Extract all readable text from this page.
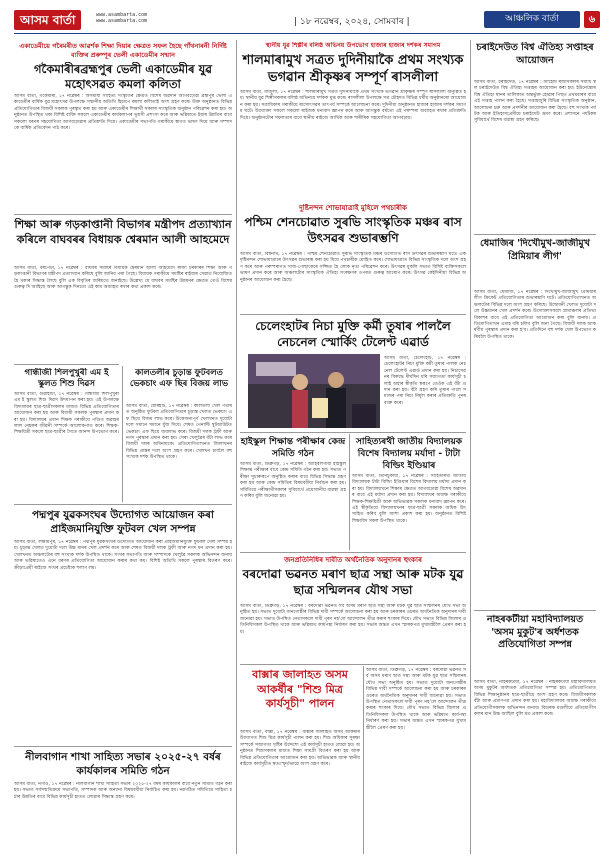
আসম বার্তা	www.asambarta.com
www.asambarta.com	| ১৮ নৱেম্বৰ, ২০২৪, সোমবাৰ |	আঞ্চলিক বাৰ্তা	৬
একাডেমীয়ে গৰৈমৰীত আৱৰ্শক শিক্ষা দিয়াৰ ক্ষেত্ৰত সফল হৈছে গাঁথনাৰনী নিৰ্দিষ্ট ব্যক্তিৰ প্ৰৰুষ্পূৰ ভেলী একাডেমীৰ সন্মান
গকৈমাৰীৰব্ৰহ্মপুৰ ভেলী একাডেমীৰ যুৱ মহোৎসৱত কমলা কলিতা
আসম বাৰ্তা, গকৈমাৰী, ১৭ নৱেম্বৰ : অসমীয়া সাহিত্য সংস্কৃতিৰ ক্ষেত্ৰত বিশেষ অৱদান আগবঢ়োৱা ব্ৰহ্মপুৰ ভেলী একাডেমীৰ বাৰ্ষিক যুৱ মহোৎসৱ উপলক্ষে সন্মানীয় অতিথি হিচাপে কমলা কলিতাই অংশ গ্ৰহণ কৰে। উক্ত অনুষ্ঠানত বিভিন্ন প্ৰতিযোগিতাৰ বিজয়ী সকলক পুৰস্কৃত কৰা হয় আৰু একাডেমীৰ শিক্ষাৰ্থী সকলৰ সাংস্কৃতিক অনুষ্ঠান পৰিৱেশন কৰা হয়। অনুষ্ঠানত উপস্থিত থকা বিশিষ্ট ব্যক্তি সকলে একাডেমীৰ কাৰ্যকলাপৰ ভূয়সী প্ৰশংসা কৰে আৰু ভৱিষ্যতে ইয়াৰ উন্নতিৰ বাবে সকলো ধৰণৰ সহযোগিতা আগবঢ়োৱাৰ প্ৰতিশ্ৰুতি দিয়ে। একাডেমীৰ সভাপতি গৰাকীয়ে স্বাগত ভাষণ দিয়ে আৰু সম্পাদকে বাৰ্ষিক প্ৰতিবেদন পাঠ কৰে।
শিক্ষা আৰু গড়কাপ্তানী বিভাগৰ মন্ত্ৰীপদ প্ৰত্যাখ্যান কৰিলে বাঘবৰৰ বিধায়ক শ্বেৰমান আলী আহমেদে
আসম বাৰ্তা, বৰপেটা, ১৭ নৱেম্বৰ : বাঘবৰ সমষ্টিৰ বিধায়ক শ্বেৰমান আলী আহমেদে ৰাজ্য চৰকাৰৰ শিক্ষা আৰু গড়কাপ্তানী বিভাগৰ মন্ত্ৰীপদ প্ৰত্যাখ্যান কৰিছে বুলি জানিব পৰা গৈছে। বিধায়ক গৰাকীয়ে সমষ্টিৰ ৰাইজৰ সেৱাত নিয়োজিত হৈ থকাৰ সিদ্ধান্ত লৈছে বুলি এক বিবৃতিৰ জৰিয়তে জনাইছে। উল্লেখ্য যে বাঘবৰ সমষ্টিৰ উন্নয়নৰ ক্ষেত্ৰত তেওঁ বিশেষ গুৰুত্ব দি আহিছে আৰু আগন্তুক দিনতো এই কাম অব্যাহত ৰখাৰ কথা প্ৰকাশ কৰে।
গান্ধীজী শিলপুখুৰী এম ই স্কুলত শিশু দিৱস
আসম বাৰ্তা, গুৱাহাটী, ১৭ নৱেম্বৰ : গান্ধীজী শিলপুখুৰী এম ই স্কুলত শিশু দিৱস উদযাপন কৰা হয়। এই উপলক্ষে বিদ্যালয়ৰ ছাত্ৰ-ছাত্ৰীসকলৰ মাজত বিভিন্ন প্ৰতিযোগিতাৰ আয়োজন কৰা হয় আৰু বিজয়ী সকলক পুৰস্কাৰ প্ৰদান কৰা হয়। বিদ্যালয়ৰ প্ৰধান শিক্ষক গৰাকীয়ে পণ্ডিত জৱাহৰলাল নেহৰুৰ জীৱনী সম্পৰ্কে আলোকপাত কৰে। শিক্ষক-শিক্ষয়িত্ৰী সকলে ছাত্ৰ-ছাত্ৰীৰ সৈতে আনন্দ উপভোগ কৰে।
কালতলীৰ চুড়ান্ত ফুটবলত ভেকচাং এফ ছিৰ বিজয় লাভ
আসম বাৰ্তা, যোৰহাট, ১৭ নৱেম্বৰ : কালতলী খেল পথাৰত অনুষ্ঠিত ফুটবল প্ৰতিযোগিতাৰ চূড়ান্ত খেলত ভেকচাং এফ ছিয়ে বিজয় লাভ কৰে। উত্তেজনাপূৰ্ণ খেলখনত দুয়োটা দলে সমানে সমানে যুঁজ দিয়ে। শেষত পেনাল্টি শ্বুটআউটত ভেকচাং এফ ছিয়ে জয়লাভ কৰে। বিজয়ী দলক ট্ৰফী আৰু নগদ পুৰস্কাৰ প্ৰদান কৰা হয়। সেৰা খেলুৱৈৰ বঁটা লাভ কৰে বিজয়ী দলৰ অধিনায়কে। প্ৰতিযোগিতাখনত জিলাখনৰ বিভিন্ন প্ৰান্তৰ দলে অংশ গ্ৰহণ কৰে। খেলখন চাবলৈ বহু সংখ্যক দৰ্শক উপস্থিত থাকে।
পদ্মপুৰ যুৱকসংঘৰ উদ্যোগত আয়োজন কৰা প্ৰাইজমানিযুক্তি ফুটবল খেল সম্পন্ন
আসম বাৰ্তা, লক্ষীমপুৰ, ১৭ নৱেম্বৰ : পদ্মপুৰ যুৱকসংঘৰ উদ্যোগত আয়োজন কৰা প্ৰাইজমানিযুক্তি ফুটবল খেল সম্পন্ন হয়। চূড়ান্ত খেলত দুয়োটা দলে উচ্চ মানৰ খেল প্ৰদৰ্শন কৰে আৰু শেষত বিজয়ী দলক ট্ৰফী আৰু নগদ ধন প্ৰদান কৰা হয়। খেলখনত অঞ্চলটোৰ বহু সংখ্যক দৰ্শক উপস্থিত থাকে। সংঘৰ সভাপতি আৰু সম্পাদকে খেলুৱৈ সকলক অভিনন্দন জনায় আৰু ভৱিষ্যতেও এনে ধৰণৰ প্ৰতিযোগিতা আয়োজন কৰাৰ কথা কয়। বিশিষ্ট অতিথি সকলে পুৰস্কাৰ বিতৰণ কৰে। ক্ৰীড়াপ্ৰেমী ৰাইজে সংঘৰ প্ৰচেষ্টাক শলাগ লয়।
নীলবাগান শাখা সাহিত্য সভাৰ ২০২৫-২৭ বৰ্ষৰ কাৰ্যকালৰ সমিতি গঠন
আসম বাৰ্তা, নগাঁও, ১৭ নৱেম্বৰ : নীলবাগান শাখা সাহিত্য সভাৰ ২০২৫-২৭ বৰ্ষৰ কাৰ্যকালৰ বাবে নতুন সমিতি গঠন কৰা হয়। সভাত সৰ্বসন্মতিক্ৰমে সভাপতি, সম্পাদক আৰু অন্যান্য বিষয়ববীয়া নিৰ্বাচিত কৰা হয়। নৱগঠিত সমিতিয়ে সাহিত্য চৰ্চাৰ উন্নতিৰ বাবে বিভিন্ন কাৰ্যসূচী হাতত লোৱাৰ সিদ্ধান্ত গ্ৰহণ কৰে।
স্থানীয় যুৱ শিল্পীৰ বলিষ্ঠ অভিনয় উপভোগ হাজাৰ হাজাৰ দৰ্শকৰ সমাগম
শালমাৰামুখ সত্ৰত দুদিনীয়াকৈ প্ৰথম সংখ্যক ভগৱান শ্ৰীকৃষ্ণৰ সম্পূৰ্ণ ৰাসলীলা
আসম বাৰ্তা, মাজুলী, ১৭ নৱেম্বৰ : শালমাৰামুখ সত্ৰত দুদিনীয়াকৈ প্ৰথম সংখ্যক ভগৱান শ্ৰীকৃষ্ণৰ সম্পূৰ্ণ ৰাসলীলা অনুষ্ঠিত হয়। স্থানীয় যুৱ শিল্পীসকলৰ বলিষ্ঠ অভিনয়ে দৰ্শকক মুগ্ধ কৰে। ৰাসলীলা উপলক্ষে সত্ৰ চৌহদত বিভিন্ন ধৰ্মীয় অনুষ্ঠানৰো আয়োজন কৰা হয়। সত্ৰাধিকাৰ গৰাকীয়ে ৰাসোৎসৱৰ তাৎপৰ্য সম্পৰ্কে আলোচনা কৰে। দুদিনীয়া অনুষ্ঠানত হাজাৰ হাজাৰ দৰ্শকৰ সমাগম ঘটে। উদ্যোক্তা সকলে সকলো ৰাইজক ধন্যবাদ জ্ঞাপন কৰে আৰু আগন্তুক বৰ্ষতো এই পৰম্পৰা অব্যাহত ৰখাৰ প্ৰতিশ্ৰুতি দিয়ে। অনুষ্ঠানটোৰ সফলতাৰ বাবে স্থানীয় ৰাইজে আৰ্থিক আৰু শাৰীৰিক সহযোগিতা আগবঢ়ায়।
দুষ্টিনন্দন শোভাযাত্ৰাই মুহিলে পথচাৰীক
পশ্চিম শেনচোৱাত সুৰভি সাংস্কৃতিক মঞ্চৰ ৰাস উৎসৱৰ শুভাৰম্ভণি
আসম বাৰ্তা, বিশ্বনাথ, ১৭ নৱেম্বৰ : পশ্চিম শেনচোৱাত সুৰভি সাংস্কৃতিক মঞ্চৰ উদ্যোগত ৰাস উৎসৱৰ শুভাৰম্ভণি ঘটে। এক দৃষ্টিনন্দন শোভাযাত্ৰাৰে উৎসৱৰ শুভাৰম্ভ কৰা হয় যিয়ে পথচাৰীক মোহিত কৰে। শোভাযাত্ৰাত বিভিন্ন সাংস্কৃতিক দলে অংশ গ্ৰহণ কৰে আৰু পৰম্পৰাগত সাজ-পোছাকেৰে সজ্জিত হৈ লোক নৃত্য পৰিৱেশন কৰে। উৎসৱৰ মুকলি সভাত বিশিষ্ট ব্যক্তিসকলে ভাষণ প্ৰদান কৰে আৰু অঞ্চলটোৰ সাংস্কৃতিক ঐতিহ্য সংৰক্ষণৰ ওপৰত গুৰুত্ব আৰোপ কৰে। উৎসৱ কেইদিনীয়া বিভিন্ন অনুষ্ঠানৰ আয়োজন কৰা হৈছে।
চেলেংহাটৰ নিচা মুক্তি কৰ্মী তুষাৰ পাললৈ নেচনেল স্মোৰ্কিং টেলেণ্ট এৱাৰ্ড
আসম বাৰ্তা, চেলেংহাট, ১৭ নৱেম্বৰ : চেলেংহাটৰ নিচা মুক্তি কৰ্মী তুষাৰ পালক নেচনেল টেলেণ্ট এৱাৰ্ড প্ৰদান কৰা হয়। নিচাসেৱনৰ বিৰুদ্ধে দীৰ্ঘদিন ধৰি সজাগতা কাৰ্যসূচী চলাই অহাৰ স্বীকৃতি স্বৰূপে তেওঁক এই বঁটা প্ৰদান কৰা হয়। বঁটা গ্ৰহণ কৰি তুষাৰ পালে সমাজৰ পৰা নিচা নিৰ্মূল কৰাৰ প্ৰতিশ্ৰুতি পুনৰ ব্যক্ত কৰে।
হাইস্কুল শিক্ষান্ত পৰীক্ষাৰ কেন্দ্ৰ সমিতি গঠন
আসম বাৰ্তা, ডিব্ৰুগড়, ১৭ নৱেম্বৰ : আহিবলগীয়া হাইস্কুল শিক্ষান্ত পৰীক্ষাৰ বাবে কেন্দ্ৰ সমিতি গঠন কৰা হয়। সভাত পৰীক্ষা সুচাৰুৰূপে অনুষ্ঠিত কৰাৰ বাবে বিভিন্ন সিদ্ধান্ত গ্ৰহণ কৰা হয় আৰু কেন্দ্ৰ সমিতিৰ বিষয়ববীয়া নিৰ্বাচন কৰা হয়। সমিতিয়ে পৰীক্ষাৰ্থীসকলৰ সুবিধাৰ্থে প্ৰয়োজনীয় ব্যৱস্থা গ্ৰহণ কৰিব বুলি জনোৱা হয়।
সাহিত্যৰথী জাতীয় বিদ্যালয়ক বিশেষ বিদ্যালয় মৰ্যাদা - টাটা বিল্ডিং ইণ্ডিয়াৰ
আসম বাৰ্তা, তিনিচুকীয়া, ১৭ নৱেম্বৰ : সাহিত্যৰথী জাতীয় বিদ্যালয়ক টাটা বিল্ডিং ইণ্ডিয়াৰ বিশেষ বিদ্যালয় মৰ্যাদা প্ৰদান কৰা হয়। বিদ্যালয়খনে শিক্ষাৰ ক্ষেত্ৰত আগবঢ়োৱা বিশেষ অৱদানৰ বাবে এই মৰ্যাদা প্ৰদান কৰা হয়। বিদ্যালয়ৰ অধ্যক্ষ গৰাকীয়ে শিক্ষক-শিক্ষয়িত্ৰী আৰু অভিভাৱক সকলক ধন্যবাদ জ্ঞাপন কৰে। এই স্বীকৃতিয়ে বিদ্যালয়খনৰ ছাত্ৰ-ছাত্ৰী সকলক অধিক উৎসাহিত কৰিব বুলি আশা প্ৰকাশ কৰা হয়। অনুষ্ঠানত বিশিষ্ট শিক্ষাবিদ সকল উপস্থিত থাকে।
জনপ্ৰতিনিধিৰ দাবীত অৰ্থনৈতিক অনুদানৰ হুংকাৰ
বৰদোৱা ভৱনত মৰাণ ছাত্ৰ সন্থা আৰু মটক যুৱ ছাত্ৰ সন্মিলনৰ যৌথ সভা
আসম বাৰ্তা, ডিব্ৰুগড়, ১৭ নৱেম্বৰ : বৰদোৱা ভৱনত সৰ্ব অসম মৰাণ ছাত্ৰ সন্থা আৰু মটক যুৱ ছাত্ৰ সন্মিলনৰ যৌথ সভা অনুষ্ঠিত হয়। সভাত দুয়োটা জনগোষ্ঠীৰ বিভিন্ন দাবী সম্পৰ্কে আলোচনা কৰা হয় আৰু চৰকাৰৰ ওচৰত অৰ্থনৈতিক অনুদানৰ দাবী জনোৱা হয়। সভাত উপস্থিত নেতাসকলে দাবী পূৰণ নহ'লে আন্দোলন তীব্ৰ কৰাৰ হুংকাৰ দিয়ে। যৌথ সভাত বিভিন্ন জিলাৰ প্ৰতিনিধিসকল উপস্থিত থাকে আৰু ভৱিষ্যত কাৰ্যপন্থা নিৰ্ধাৰণ কৰা হয়। সভাৰ অন্তত এখন স্মাৰকপত্ৰ মুখ্যমন্ত্ৰীলৈ প্ৰেৰণ কৰা হয়।
বাক্সাৰ জালাহত অসম আকৰ্ষীৰ "শিশু মিত্ৰ কাৰ্যসূচী" পালন
আসম বাৰ্তা, বাক্সা, ১৭ নৱেম্বৰ : বাক্সাৰ জালাহত অসম আকৰ্ষীৰ উদ্যোগত শিশু মিত্ৰ কাৰ্যসূচী পালন কৰা হয়। শিশু অধিকাৰ সুৰক্ষা সম্পৰ্কে সজাগতা সৃষ্টিৰ উদ্দেশ্যে এই কাৰ্যসূচী হাতত লোৱা হয়। অনুষ্ঠানত শিশুসকলৰ মাজত শিক্ষা সামগ্ৰী বিতৰণ কৰা হয় আৰু বিভিন্ন প্ৰতিযোগিতাৰ আয়োজন কৰা হয়। অভিভাৱক আৰু স্থানীয় ৰাইজে কাৰ্যসূচীত স্বতঃস্ফূৰ্তভাৱে অংশ গ্ৰহণ কৰে।
আসম বাৰ্তা, ডিব্ৰুগড়, ১৭ নৱেম্বৰ : বৰদোৱা ভৱনত সৰ্ব অসম মৰাণ ছাত্ৰ সন্থা আৰু মটক যুৱ ছাত্ৰ সন্মিলনৰ যৌথ সভা অনুষ্ঠিত হয়। সভাত দুয়োটা জনগোষ্ঠীৰ বিভিন্ন দাবী সম্পৰ্কে আলোচনা কৰা হয় আৰু চৰকাৰৰ ওচৰত অৰ্থনৈতিক অনুদানৰ দাবী জনোৱা হয়। সভাত উপস্থিত নেতাসকলে দাবী পূৰণ নহ'লে আন্দোলন তীব্ৰ কৰাৰ হুংকাৰ দিয়ে। যৌথ সভাত বিভিন্ন জিলাৰ প্ৰতিনিধিসকল উপস্থিত থাকে আৰু ভৱিষ্যত কাৰ্যপন্থা নিৰ্ধাৰণ কৰা হয়। সভাৰ অন্তত এখন স্মাৰকপত্ৰ মুখ্যমন্ত্ৰীলৈ প্ৰেৰণ কৰা হয়।
চৰাইদেউত বিশ্ব ঐতিহ্য সপ্তাহৰ আয়োজন
আসম বাৰ্তা, চৰাইদেউ, ১৭ নৱেম্বৰ : আহোম ৰজাসকলৰ সমাধি স্থল চৰাইদেউত বিশ্ব ঐতিহ্য সপ্তাহৰ আয়োজন কৰা হয়। ইউনেস্কোৰ বিশ্ব ঐতিহ্য স্থানৰ তালিকাত অন্তৰ্ভুক্ত হোৱাৰ পিছত প্ৰথমবাৰৰ বাবে এই সপ্তাহ পালন কৰা হৈছে। সপ্তাহজুৰি বিভিন্ন সাংস্কৃতিক অনুষ্ঠান, আলোচনা চক্ৰ আৰু প্ৰদৰ্শনীৰ আয়োজন কৰা হৈছে। বহু সংখ্যক পৰ্যটক আৰু ইতিহাসপ্ৰেমীয়ে চৰাইদেউ ভ্ৰমণ কৰে। প্ৰশাসনে পৰ্যটকৰ সুবিধাৰ্থে বিশেষ ব্যৱস্থা গ্ৰহণ কৰিছে।
ধেমাজিৰ 'দিখৌমুখ-জাজীমুখ প্ৰিমিয়াৰ লীগ'
আসম বাৰ্তা, ধেমাজি, ১৭ নৱেম্বৰ : দিখৌমুখ-জাজীমুখ প্ৰিমিয়াৰ লীগ ক্ৰিকেট প্ৰতিযোগিতাৰ শুভাৰম্ভণি ঘটে। প্ৰতিযোগিতাখনত অঞ্চলটোৰ বিভিন্ন দলে অংশ গ্ৰহণ কৰিছে। উদ্বোধনী খেলত দুয়োটা দলে উচ্চমানৰ খেল প্ৰদৰ্শন কৰে। উদ্যোক্তাসকলে গ্ৰামাঞ্চলৰ প্ৰতিভা বিকাশৰ বাবে এই প্ৰতিযোগিতা আয়োজন কৰা বুলি জনায়। প্ৰতিযোগিতাখন এমাহ ধৰি চলিব বুলি জনা গৈছে। বিজয়ী দলক আকৰ্ষণীয় পুৰস্কাৰ প্ৰদান কৰা হ'ব। প্ৰতিদিনে বহু দৰ্শক খেল উপভোগ কৰিবলৈ উপস্থিত থাকে।
নাহৰকটীয়া মহাবিদ্যালয়ত 'অসম মুকুট'ৰ অৰ্ধশতক প্ৰতিযোগিতা সম্পন্ন
আসম বাৰ্তা, নাহৰকটীয়া, ১৭ নৱেম্বৰ : নাহৰকটীয়া মহাবিদ্যালয়ত অসম মুকুটৰ অৰ্ধশতক প্ৰতিযোগিতা সম্পন্ন হয়। প্ৰতিযোগিতাত বিভিন্ন শিক্ষানুষ্ঠানৰ ছাত্ৰ-ছাত্ৰীয়ে অংশ গ্ৰহণ কৰে। বিজয়ীসকলক বঁটা আৰু প্ৰমাণপত্ৰ প্ৰদান কৰা হয়। মহাবিদ্যালয়ৰ অধ্যক্ষ গৰাকীয়ে প্ৰতিযোগীসকলক অভিনন্দন জনায়। বিচাৰক মণ্ডলীয়ে প্ৰতিযোগীসকলৰ মান উচ্চ আছিল বুলি মত প্ৰকাশ কৰে।
